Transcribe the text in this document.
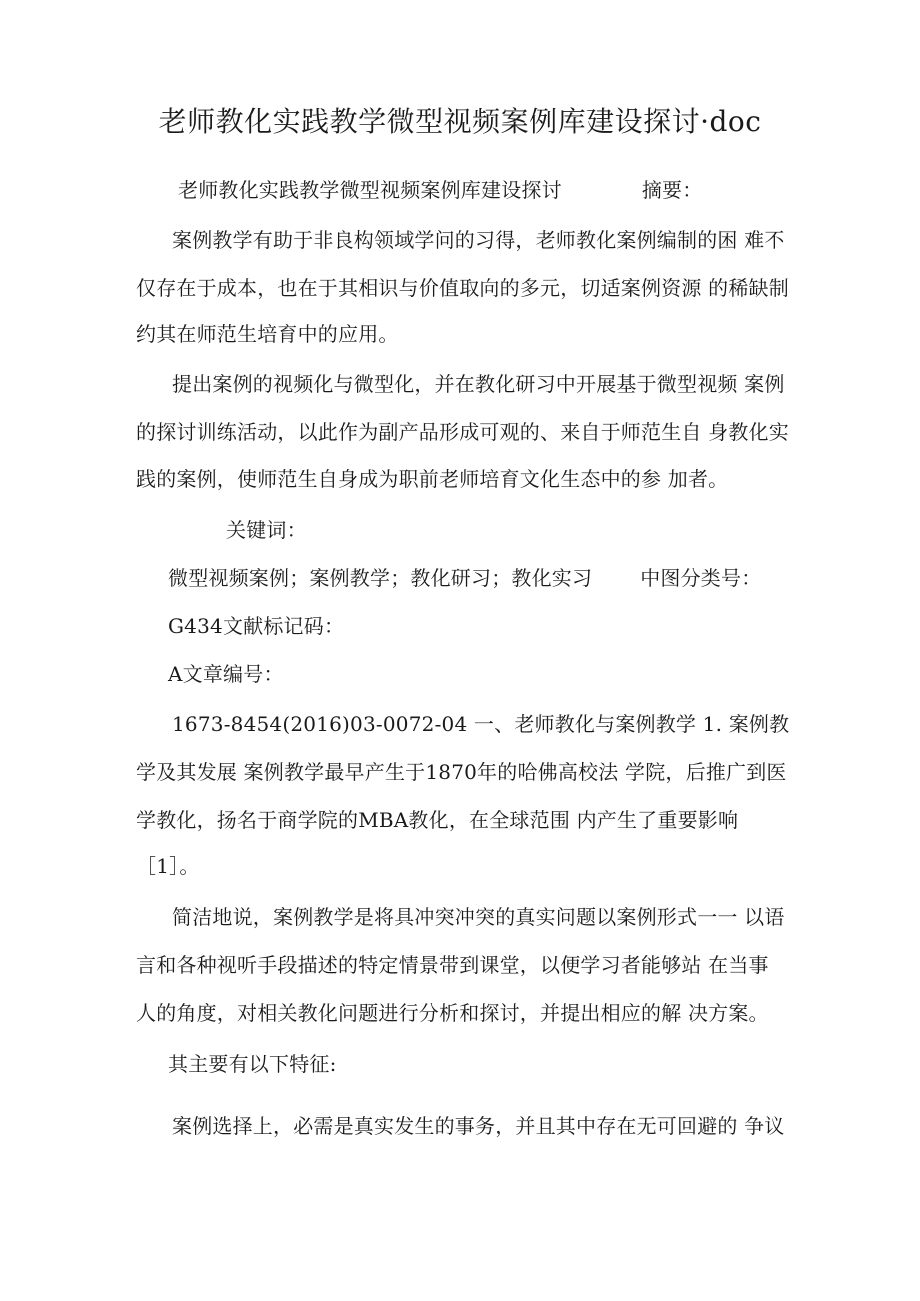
老师教化实践教学微型视频案例库建设探讨·doc
老师教化实践教学微型视频案例库建设探讨	摘要：
案例教学有助于非良构领域学问的习得，老师教化案例编制的困 难不
仅存在于成本，也在于其相识与价值取向的多元，切适案例资源 的稀缺制
约其在师范生培育中的应用。
提出案例的视频化与微型化，并在教化研习中开展基于微型视频 案例
的探讨训练活动，以此作为副产品形成可观的、来自于师范生自 身教化实
践的案例，使师范生自身成为职前老师培育文化生态中的参 加者。
关键词：
微型视频案例；案例教学；教化研习；教化实习 中图分类号：
G434文献标记码：
A文章编号：
1673-8454(2016)03-0072-04 一、老师教化与案例教学 1. 案例教
学及其发展 案例教学最早产生于1870年的哈佛高校法 学院，后推广到医
学教化，扬名于商学院的MBA教化，在全球范围 内产生了重要影响
［1］。
简洁地说，案例教学是将具冲突冲突的真实问题以案例形式一一 以语
言和各种视听手段描述的特定情景带到课堂，以便学习者能够站 在当事
人的角度，对相关教化问题进行分析和探讨，并提出相应的解 决方案。
其主要有以下特征:
案例选择上，必需是真实发生的事务，并且其中存在无可回避的 争议
